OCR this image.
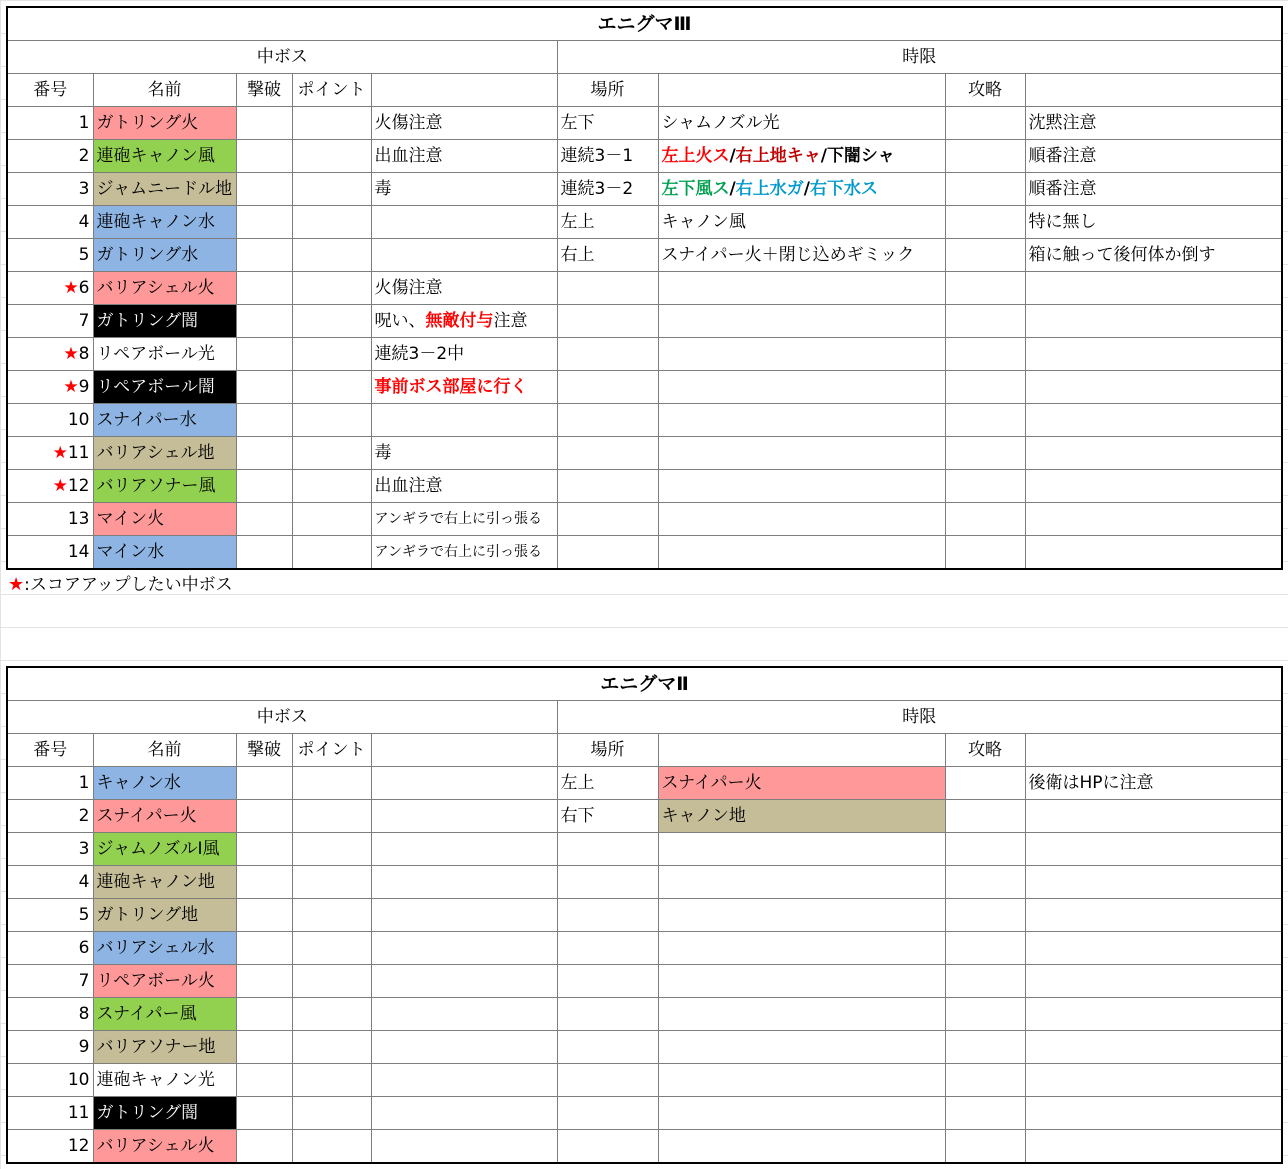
エニグマⅢ								
中ボス					時限			
番号	名前	撃破	ポイント		場所		攻略	
1	ガトリング火			火傷注意	左下	シャムノズル光		沈黙注意
2	連砲キャノン風			出血注意	連続3－1	左上火ス/右上地キャ/下闇シャ		順番注意
3	ジャムニードル地			毒	連続3－2	左下風ス/右上水ガ/右下水ス		順番注意
4	連砲キャノン水				左上	キャノン風		特に無し
5	ガトリング水				右上	スナイパー火＋閉じ込めギミック		箱に触って後何体か倒す
★6	バリアシェル火			火傷注意				
7	ガトリング闇			呪い、無敵付与注意				
★8	リペアボール光			連続3－2中				
★9	リペアボール闇			事前ボス部屋に行く				
10	スナイパー水							
★11	バリアシェル地			毒				
★12	バリアソナー風			出血注意				
13	マイン火			アンギラで右上に引っ張る				
14	マイン水			アンギラで右上に引っ張る				
★:スコアアップしたい中ボス
エニグマⅡ								
中ボス					時限			
番号	名前	撃破	ポイント		場所		攻略	
1	キャノン水				左上	スナイパー火		後衛はHPに注意
2	スナイパー火				右下	キャノン地		
3	ジャムノズルI風							
4	連砲キャノン地							
5	ガトリング地							
6	バリアシェル水							
7	リペアボール火							
8	スナイパー風							
9	バリアソナー地							
10	連砲キャノン光							
11	ガトリング闇							
12	バリアシェル火							
